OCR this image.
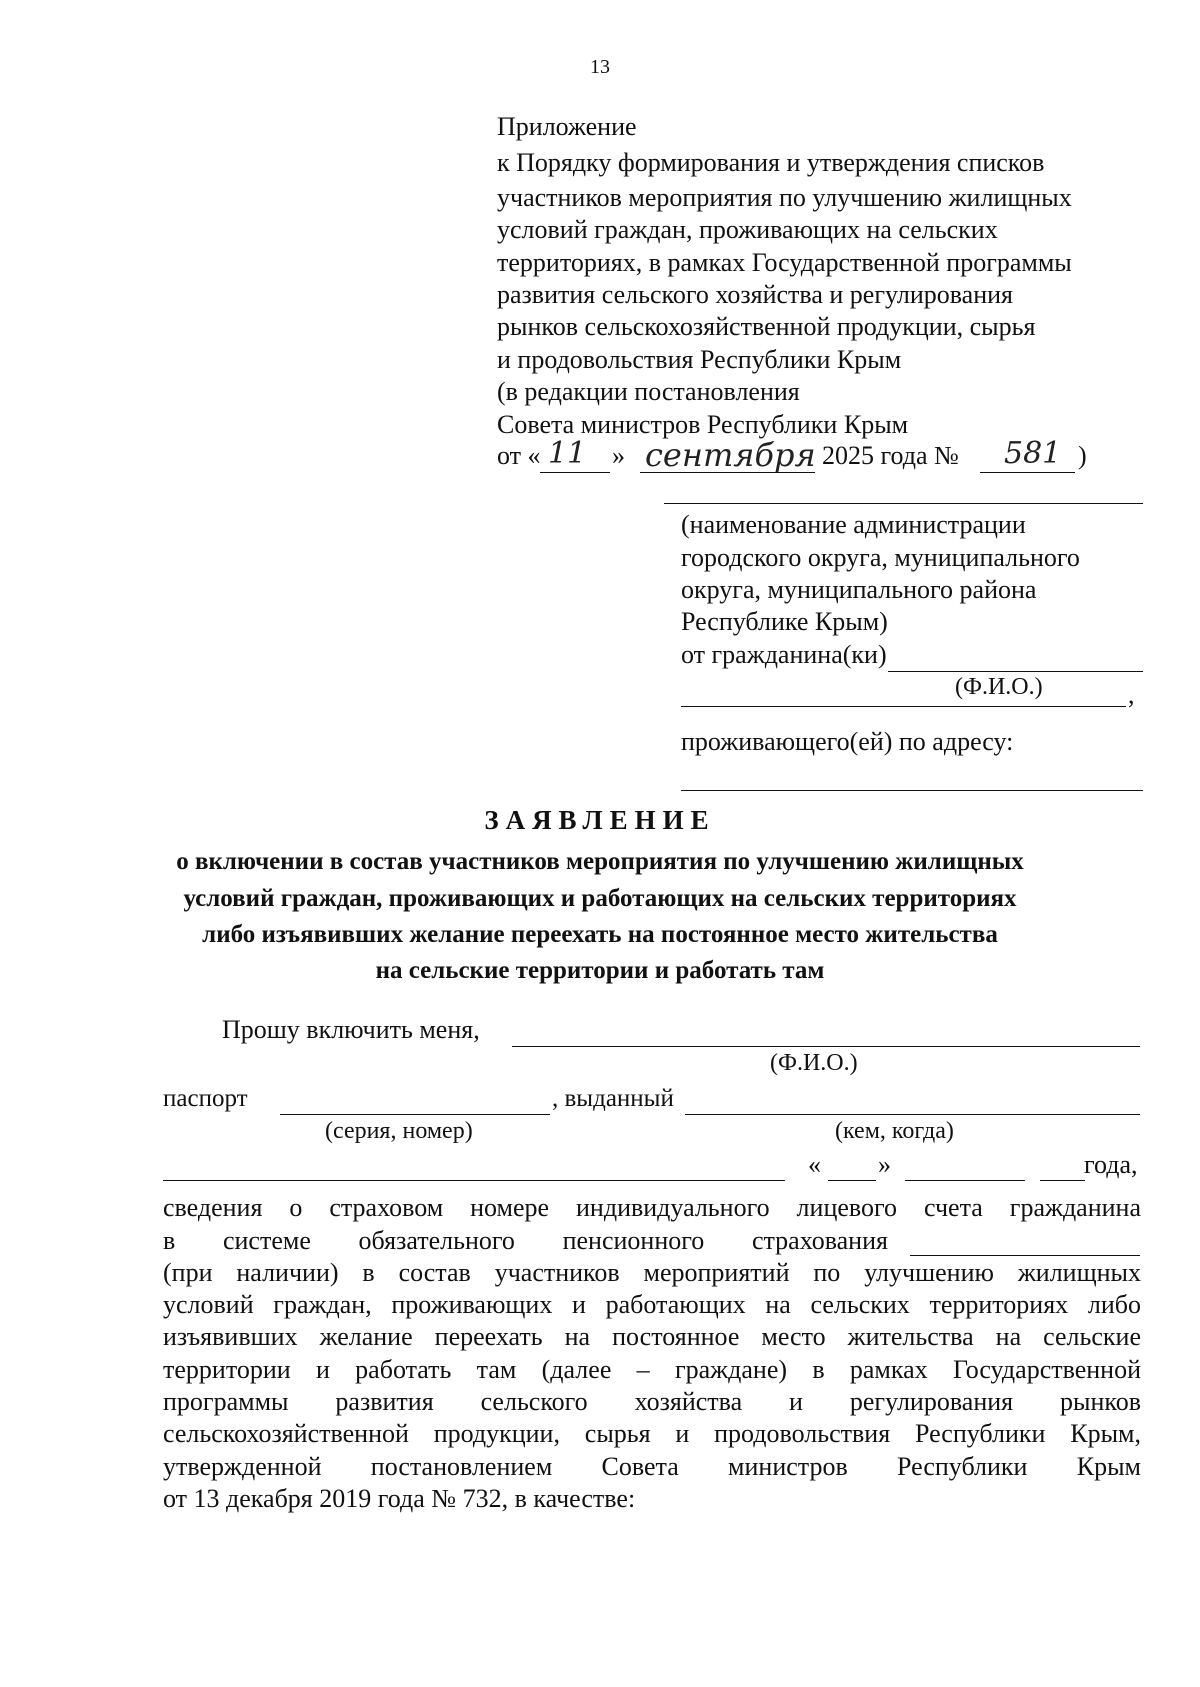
13
Приложение
к Порядку формирования и утверждения списков
участников мероприятия по улучшению жилищных
условий граждан, проживающих на сельских
территориях, в рамках Государственной программы
развития сельского хозяйства и регулирования
рынков сельскохозяйственной продукции, сырья
и продовольствия Республики Крым
(в редакции постановления
Совета министров Республики Крым
от « 11 » сентября 2025 года № 581 )
(наименование администрации
городского округа, муниципального
округа, муниципального района
Республике Крым)
от гражданина(ки)
(Ф.И.О.)	,
проживающего(ей) по адресу:
ЗАЯВЛЕНИЕ
о включении в состав участников мероприятия по улучшению жилищных
условий граждан, проживающих и работающих на сельских территориях
либо изъявивших желание переехать на постоянное место жительства
на сельские территории и работать там
Прошу включить меня,
(Ф.И.О.)
паспорт	, выданный
(серия, номер)	(кем, когда)
« »	года,
сведения о страховом номере индивидуального лицевого счета гражданина
в системе обязательного пенсионного страхования
(при наличии) в состав участников мероприятий по улучшению жилищных
условий граждан, проживающих и работающих на сельских территориях либо
изъявивших желание переехать на постоянное место жительства на сельские
территории и работать там (далее – граждане) в рамках Государственной
программы развития сельского хозяйства и регулирования рынков
сельскохозяйственной продукции, сырья и продовольствия Республики Крым,
утвержденной постановлением Совета министров Республики Крым
от 13 декабря 2019 года № 732, в качестве:
